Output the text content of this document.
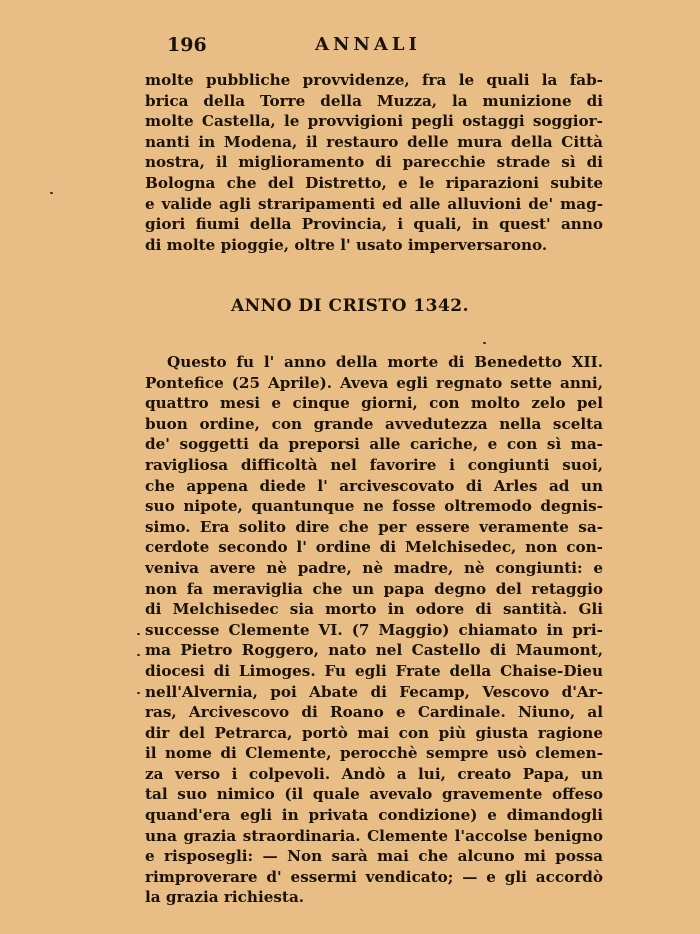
196	ANNALI
molte pubbliche provvidenze, fra le quali la fab-
brica della Torre della Muzza, la munizione di
molte Castella, le provvigioni pegli ostaggi soggior-
nanti in Modena, il restauro delle mura della Città
nostra, il miglioramento di parecchie strade sì di
Bologna che del Distretto, e le riparazioni subite
e valide agli straripamenti ed alle alluvioni de' mag-
giori fiumi della Provincia, i quali, in quest' anno
di molte pioggie, oltre l' usato imperversarono.
ANNO DI CRISTO 1342.
Questo fu l' anno della morte di Benedetto XII.
Pontefice (25 Aprile). Aveva egli regnato sette anni,
quattro mesi e cinque giorni, con molto zelo pel
buon ordine, con grande avvedutezza nella scelta
de' soggetti da preporsi alle cariche, e con sì ma-
ravigliosa difficoltà nel favorire i congiunti suoi,
che appena diede l' arcivescovato di Arles ad un
suo nipote, quantunque ne fosse oltremodo degnis-
simo. Era solito dire che per essere veramente sa-
cerdote secondo l' ordine di Melchisedec, non con-
veniva avere nè padre, nè madre, nè congiunti: e
non fa meraviglia che un papa degno del retaggio
di Melchisedec sia morto in odore di santità. Gli
successe Clemente VI. (7 Maggio) chiamato in pri-
ma Pietro Roggero, nato nel Castello di Maumont,
diocesi di Limoges. Fu egli Frate della Chaise-Dieu
nell'Alvernia, poi Abate di Fecamp, Vescovo d'Ar-
ras, Arcivescovo di Roano e Cardinale. Niuno, al
dir del Petrarca, portò mai con più giusta ragione
il nome di Clemente, perocchè sempre usò clemen-
za verso i colpevoli. Andò a lui, creato Papa, un
tal suo nimico (il quale avevalo gravemente offeso
quand'era egli in privata condizione) e dimandogli
una grazia straordinaria. Clemente l'accolse benigno
e risposegli: — Non sarà mai che alcuno mi possa
rimproverare d' essermi vendicato; — e gli accordò
la grazia richiesta.
